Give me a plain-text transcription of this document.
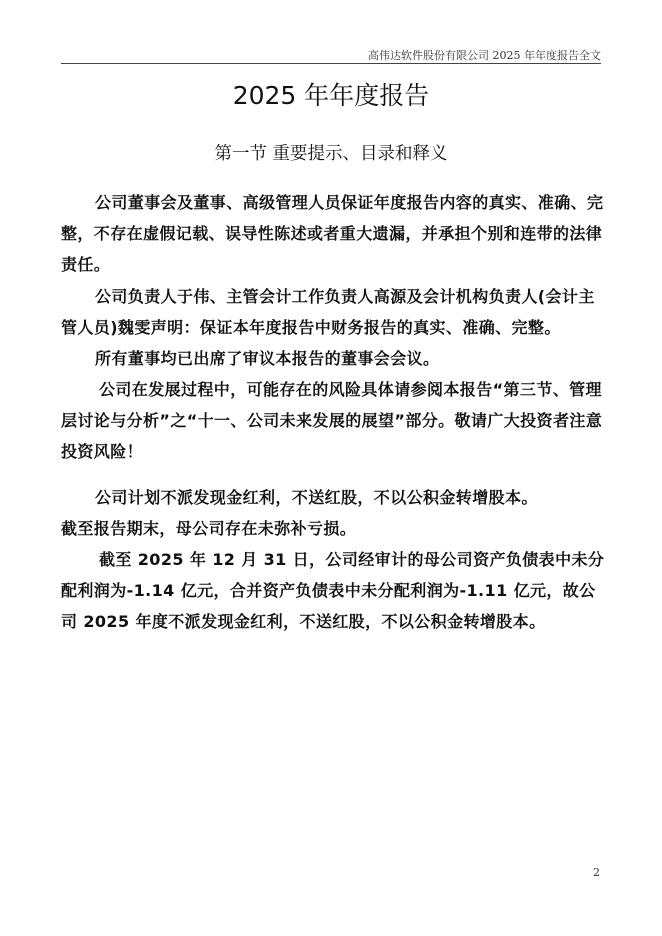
高伟达软件股份有限公司 2025 年年度报告全文
2025 年年度报告
第一节 重要提示、目录和释义

公司董事会及董事、高级管理人员保证年度报告内容的真实、准确、完整，不存在虚假记载、误导性陈述或者重大遗漏，并承担个别和连带的法律责任。

公司负责人于伟、主管会计工作负责人高源及会计机构负责人(会计主管人员)魏雯声明：保证本年度报告中财务报告的真实、准确、完整。

所有董事均已出席了审议本报告的董事会会议。

公司在发展过程中，可能存在的风险具体请参阅本报告“第三节、管理层讨论与分析”之“十一、公司未来发展的展望”部分。敬请广大投资者注意投资风险！

公司计划不派发现金红利，不送红股，不以公积金转增股本。

截至报告期末，母公司存在未弥补亏损。

截至 2025 年 12 月 31 日，公司经审计的母公司资产负债表中未分配利润为-1.14 亿元，合并资产负债表中未分配利润为-1.11 亿元，故公司 2025 年度不派发现金红利，不送红股，不以公积金转增股本。

2
